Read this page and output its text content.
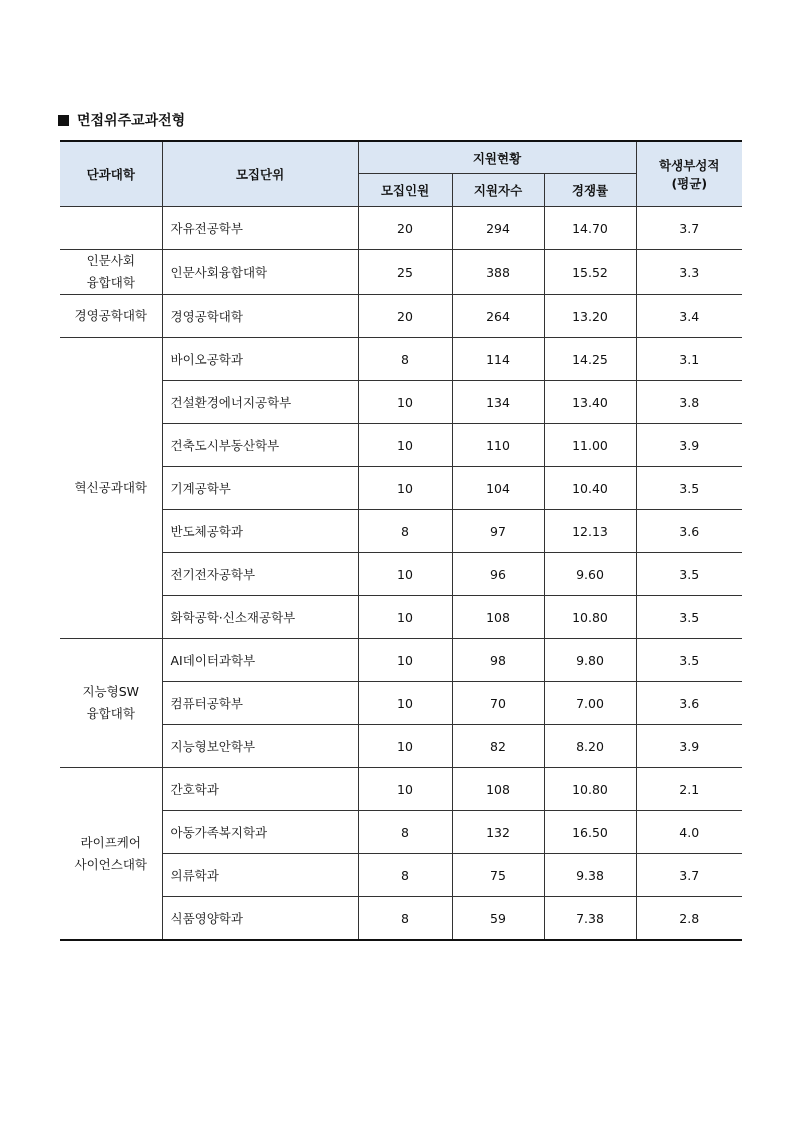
면접위주교과전형
단과대학	모집단위	지원현황			학생부성적
(평균)
		모집인원	지원자수	경쟁률	
	자유전공학부	20	294	14.70	3.7
인문사회
융합대학	인문사회융합대학	25	388	15.52	3.3
경영공학대학	경영공학대학	20	264	13.20	3.4
혁신공과대학	바이오공학과	8	114	14.25	3.1
	건설환경에너지공학부	10	134	13.40	3.8
	건축도시부동산학부	10	110	11.00	3.9
	기계공학부	10	104	10.40	3.5
	반도체공학과	8	97	12.13	3.6
	전기전자공학부	10	96	9.60	3.5
	화학공학·신소재공학부	10	108	10.80	3.5
지능형SW
융합대학	AI데이터과학부	10	98	9.80	3.5
	컴퓨터공학부	10	70	7.00	3.6
	지능형보안학부	10	82	8.20	3.9
라이프케어
사이언스대학	간호학과	10	108	10.80	2.1
	아동가족복지학과	8	132	16.50	4.0
	의류학과	8	75	9.38	3.7
	식품영양학과	8	59	7.38	2.8
